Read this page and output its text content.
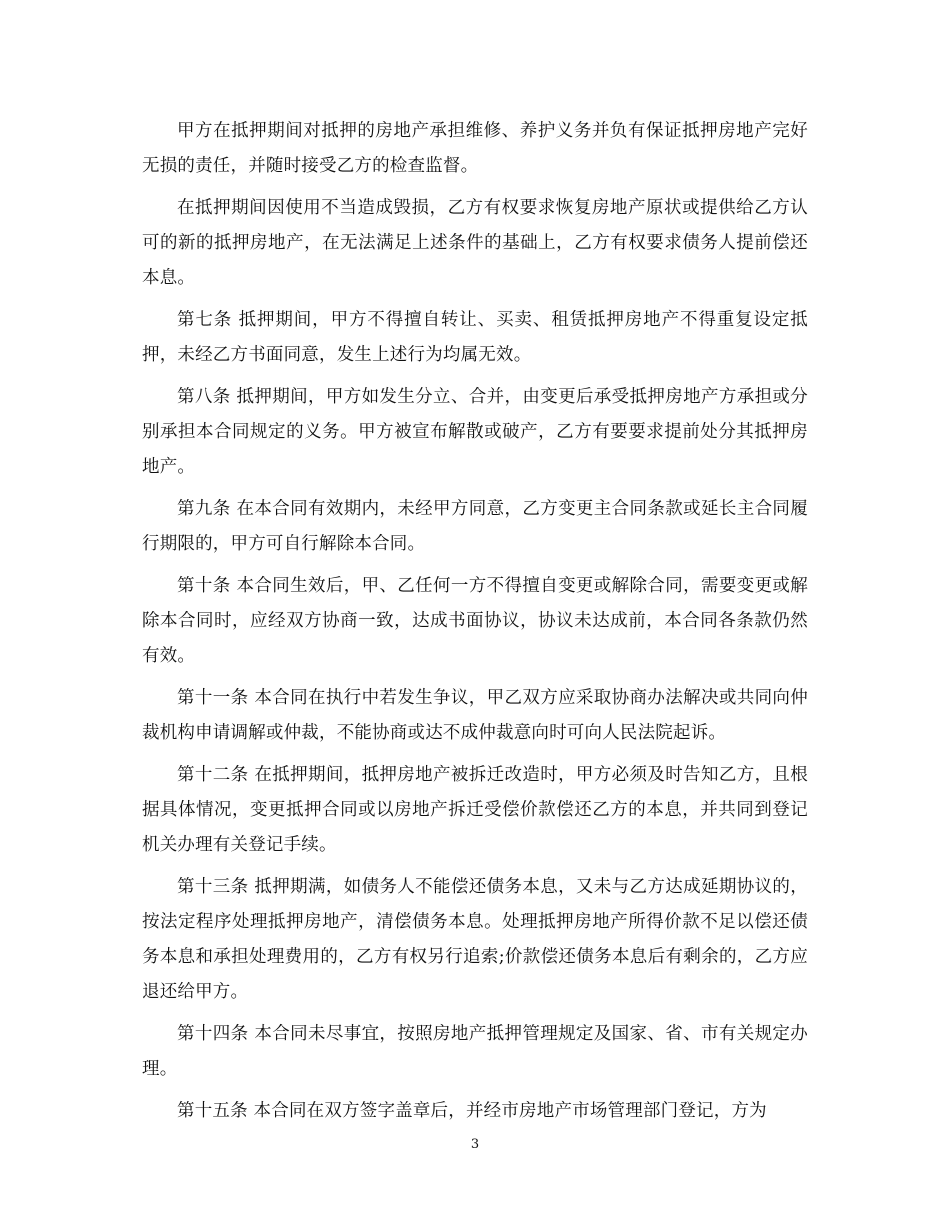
甲方在抵押期间对抵押的房地产承担维修、养护义务并负有保证抵押房地产完好无损的责任，并随时接受乙方的检查监督。

在抵押期间因使用不当造成毁损，乙方有权要求恢复房地产原状或提供给乙方认可的新的抵押房地产，在无法满足上述条件的基础上，乙方有权要求债务人提前偿还本息。

第七条 抵押期间，甲方不得擅自转让、买卖、租赁抵押房地产不得重复设定抵押，未经乙方书面同意，发生上述行为均属无效。

第八条 抵押期间，甲方如发生分立、合并，由变更后承受抵押房地产方承担或分别承担本合同规定的义务。甲方被宣布解散或破产，乙方有要要求提前处分其抵押房地产。

第九条 在本合同有效期内，未经甲方同意，乙方变更主合同条款或延长主合同履行期限的，甲方可自行解除本合同。

第十条 本合同生效后，甲、乙任何一方不得擅自变更或解除合同，需要变更或解除本合同时，应经双方协商一致，达成书面协议，协议未达成前，本合同各条款仍然有效。

第十一条 本合同在执行中若发生争议，甲乙双方应采取协商办法解决或共同向仲裁机构申请调解或仲裁，不能协商或达不成仲裁意向时可向人民法院起诉。

第十二条 在抵押期间，抵押房地产被拆迁改造时，甲方必须及时告知乙方，且根据具体情况，变更抵押合同或以房地产拆迁受偿价款偿还乙方的本息，并共同到登记机关办理有关登记手续。

第十三条 抵押期满，如债务人不能偿还债务本息，又未与乙方达成延期协议的，按法定程序处理抵押房地产，清偿债务本息。处理抵押房地产所得价款不足以偿还债务本息和承担处理费用的，乙方有权另行追索;价款偿还债务本息后有剩余的，乙方应退还给甲方。

第十四条 本合同未尽事宜，按照房地产抵押管理规定及国家、省、市有关规定办理。

第十五条 本合同在双方签字盖章后，并经市房地产市场管理部门登记，方为

3
